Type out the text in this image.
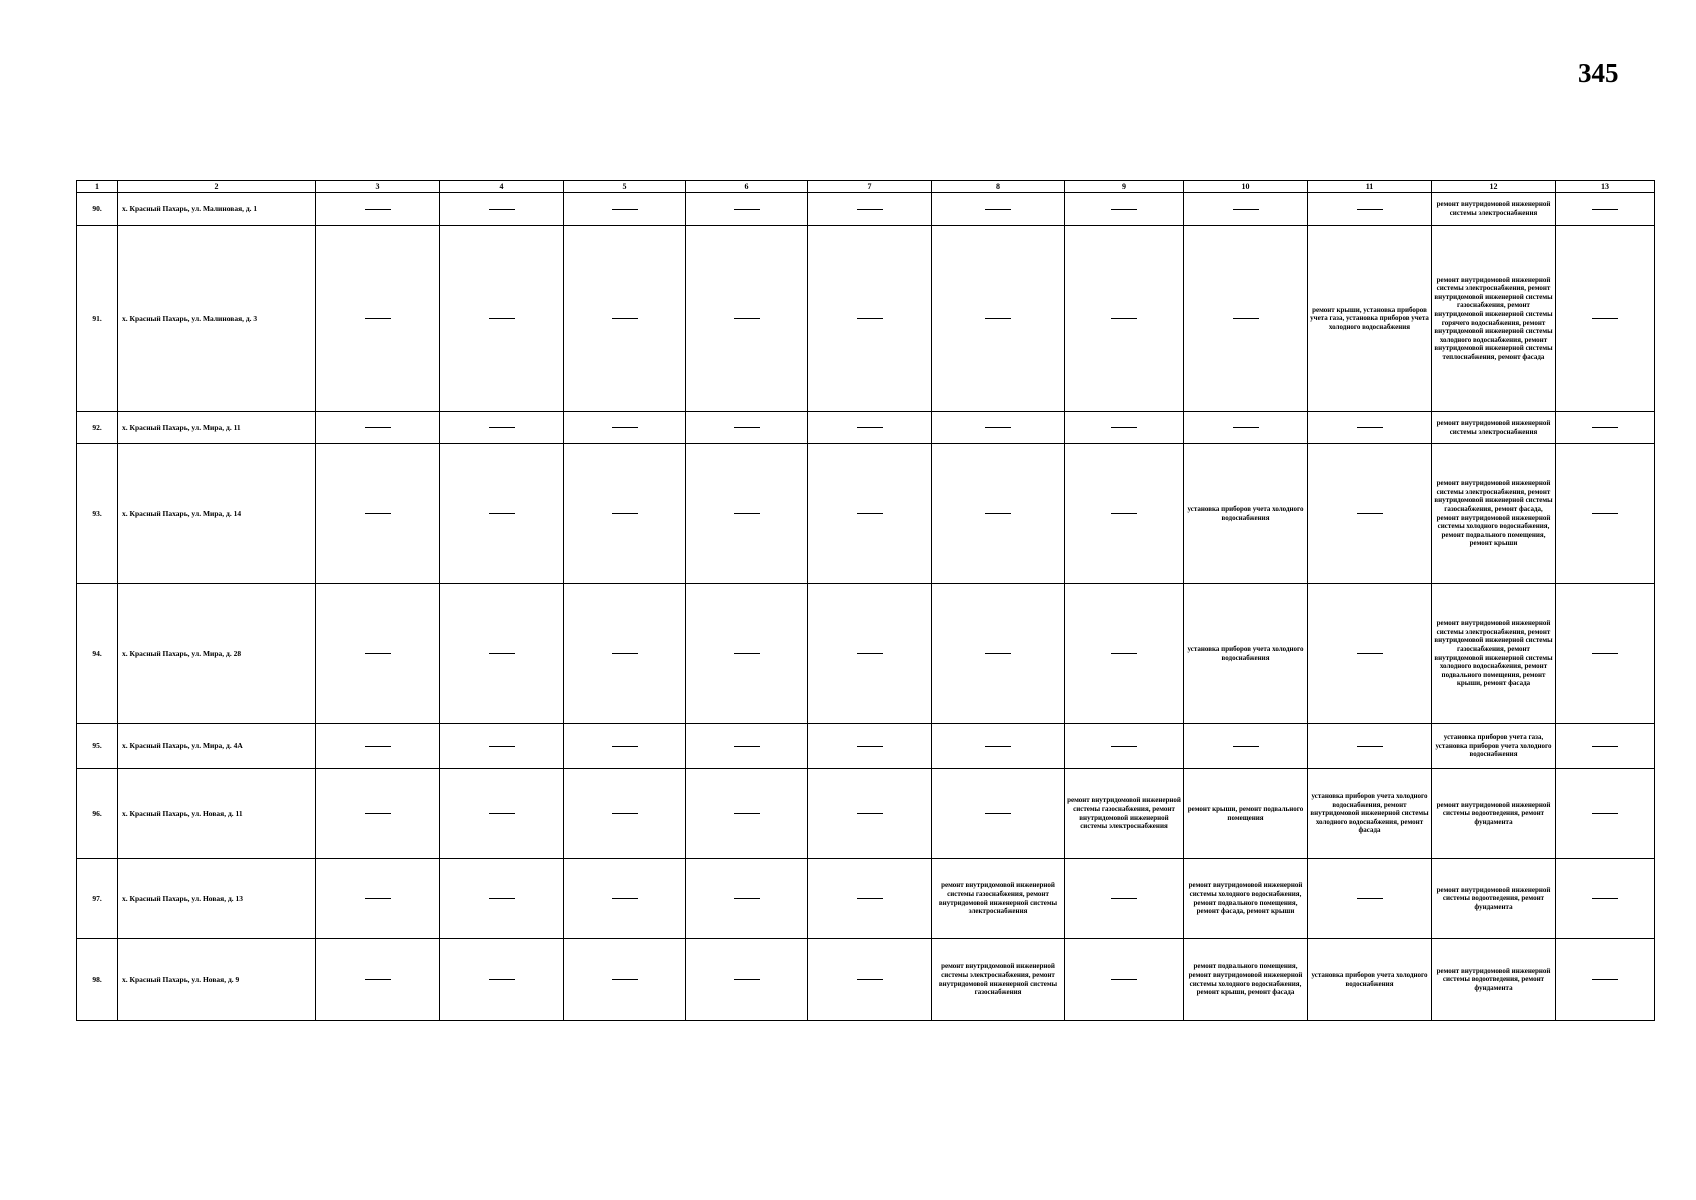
345
1	2	3	4	5	6	7	8	9	10	11	12	13
90.	х. Красный Пахарь, ул. Малиновая, д. 1										ремонт внутридомовой инженерной системы электроснабжения	
91.	х. Красный Пахарь, ул. Малиновая, д. 3									ремонт крыши, установка приборов учета газа, установка приборов учета холодного водоснабжения	ремонт внутридомовой инженерной системы электроснабжения, ремонт внутридомовой инженерной системы газоснабжения, ремонт внутридомовой инженерной системы горячего водоснабжения, ремонт внутридомовой инженерной системы холодного водоснабжения, ремонт внутридомовой инженерной системы теплоснабжения, ремонт фасада	
92.	х. Красный Пахарь, ул. Мира, д. 11										ремонт внутридомовой инженерной системы электроснабжения	
93.	х. Красный Пахарь, ул. Мира, д. 14								установка приборов учета холодного водоснабжения		ремонт внутридомовой инженерной системы электроснабжения, ремонт внутридомовой инженерной системы газоснабжения, ремонт фасада, ремонт внутридомовой инженерной системы холодного водоснабжения, ремонт подвального помещения, ремонт крыши	
94.	х. Красный Пахарь, ул. Мира, д. 28								установка приборов учета холодного водоснабжения		ремонт внутридомовой инженерной системы электроснабжения, ремонт внутридомовой инженерной системы газоснабжения, ремонт внутридомовой инженерной системы холодного водоснабжения, ремонт подвального помещения, ремонт крыши, ремонт фасада	
95.	х. Красный Пахарь, ул. Мира, д. 4А										установка приборов учета газа, установка приборов учета холодного водоснабжения	
96.	х. Красный Пахарь, ул. Новая, д. 11							ремонт внутридомовой инженерной системы газоснабжения, ремонт внутридомовой инженерной системы электроснабжения	ремонт крыши, ремонт подвального помещения	установка приборов учета холодного водоснабжения, ремонт внутридомовой инженерной системы холодного водоснабжения, ремонт фасада	ремонт внутридомовой инженерной системы водоотведения, ремонт фундамента	
97.	х. Красный Пахарь, ул. Новая, д. 13						ремонт внутридомовой инженерной системы газоснабжения, ремонт внутридомовой инженерной системы электроснабжения		ремонт внутридомовой инженерной системы холодного водоснабжения, ремонт подвального помещения, ремонт фасада, ремонт крыши		ремонт внутридомовой инженерной системы водоотведения, ремонт фундамента	
98.	х. Красный Пахарь, ул. Новая, д. 9						ремонт внутридомовой инженерной системы электроснабжения, ремонт внутридомовой инженерной системы газоснабжения		ремонт подвального помещения, ремонт внутридомовой инженерной системы холодного водоснабжения, ремонт крыши, ремонт фасада	установка приборов учета холодного водоснабжения	ремонт внутридомовой инженерной системы водоотведения, ремонт фундамента	
